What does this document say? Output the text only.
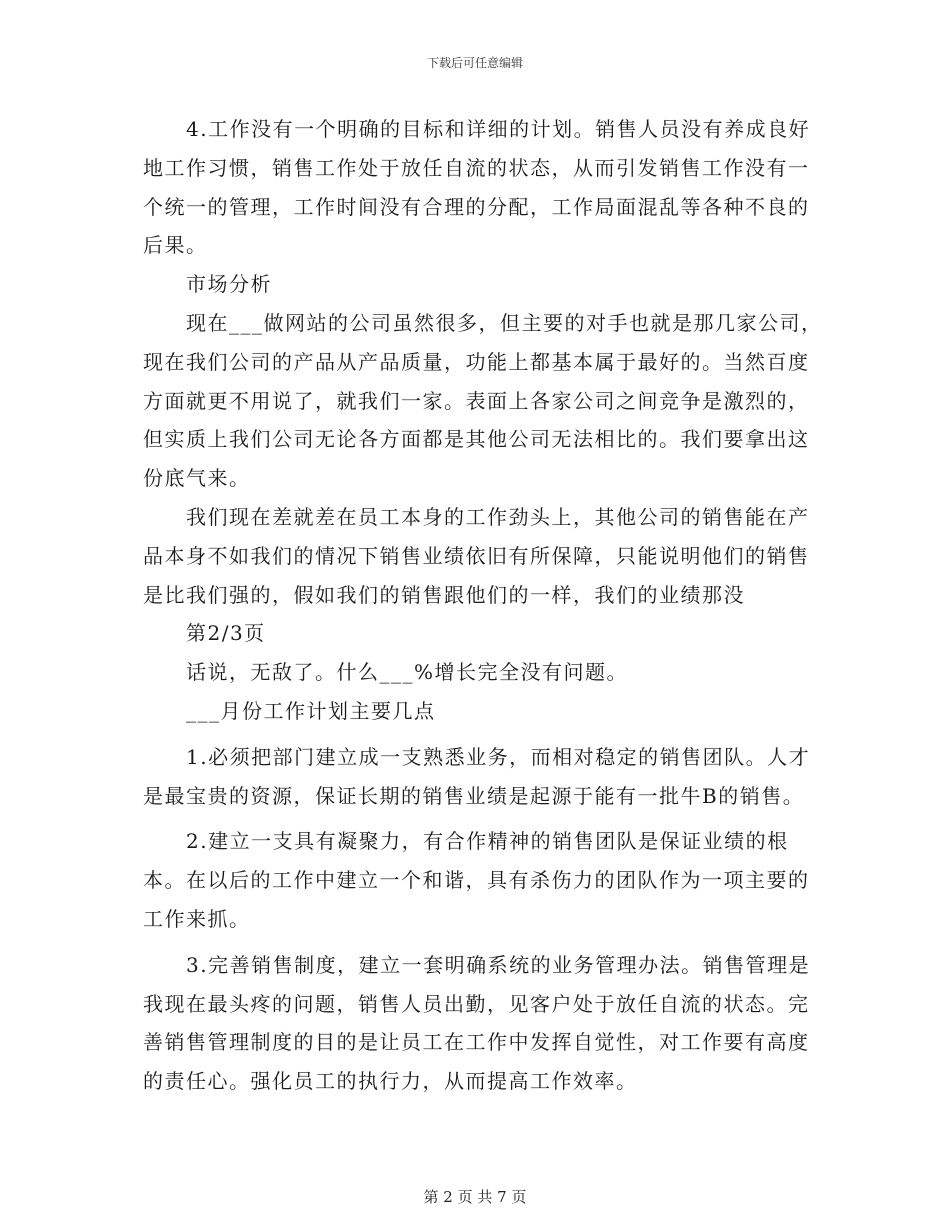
下载后可任意编辑

4.工作没有一个明确的目标和详细的计划。销售人员没有养成良好地工作习惯，销售工作处于放任自流的状态，从而引发销售工作没有一个统一的管理，工作时间没有合理的分配，工作局面混乱等各种不良的后果。

市场分析

现在___做网站的公司虽然很多，但主要的对手也就是那几家公司，现在我们公司的产品从产品质量，功能上都基本属于最好的。当然百度方面就更不用说了，就我们一家。表面上各家公司之间竞争是激烈的，但实质上我们公司无论各方面都是其他公司无法相比的。我们要拿出这份底气来。

我们现在差就差在员工本身的工作劲头上，其他公司的销售能在产品本身不如我们的情况下销售业绩依旧有所保障，只能说明他们的销售是比我们强的，假如我们的销售跟他们的一样，我们的业绩那没

第2/3页

话说，无敌了。什么___%增长完全没有问题。

___月份工作计划主要几点

1.必须把部门建立成一支熟悉业务，而相对稳定的销售团队。人才是最宝贵的资源，保证长期的销售业绩是起源于能有一批牛B的销售。

2.建立一支具有凝聚力，有合作精神的销售团队是保证业绩的根本。在以后的工作中建立一个和谐，具有杀伤力的团队作为一项主要的工作来抓。

3.完善销售制度，建立一套明确系统的业务管理办法。销售管理是我现在最头疼的问题，销售人员出勤，见客户处于放任自流的状态。完善销售管理制度的目的是让员工在工作中发挥自觉性，对工作要有高度的责任心。强化员工的执行力，从而提高工作效率。

第 2 页 共 7 页
